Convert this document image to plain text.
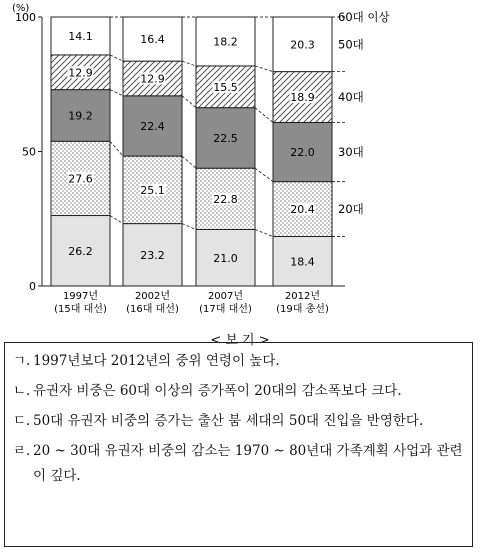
(%)
100
50
0
1997년
(15대 대선)
2002년
(16대 대선)
2007년
(17대 대선)
2012년
(19대 총선)
26.2
27.6
19.2
12.9
14.1
23.2
25.1
22.4
12.9
16.4
21.0
22.8
22.5
15.5
18.2
18.4
20.4
22.0
18.9
20.3
20대
30대
40대
50대
60대 이상
< 보 기 >
ㄱ. 1997년보다 2012년의 중위 연령이 높다.
ㄴ. 유권자 비중은 60대 이상의 증가폭이 20대의 감소폭보다 크다.
ㄷ. 50대 유권자 비중의 증가는 출산 붐 세대의 50대 진입을 반영한다.
ㄹ. 20 ~ 30대 유권자 비중의 감소는 1970 ~ 80년대 가족계획 사업과 관련이 깊다.
